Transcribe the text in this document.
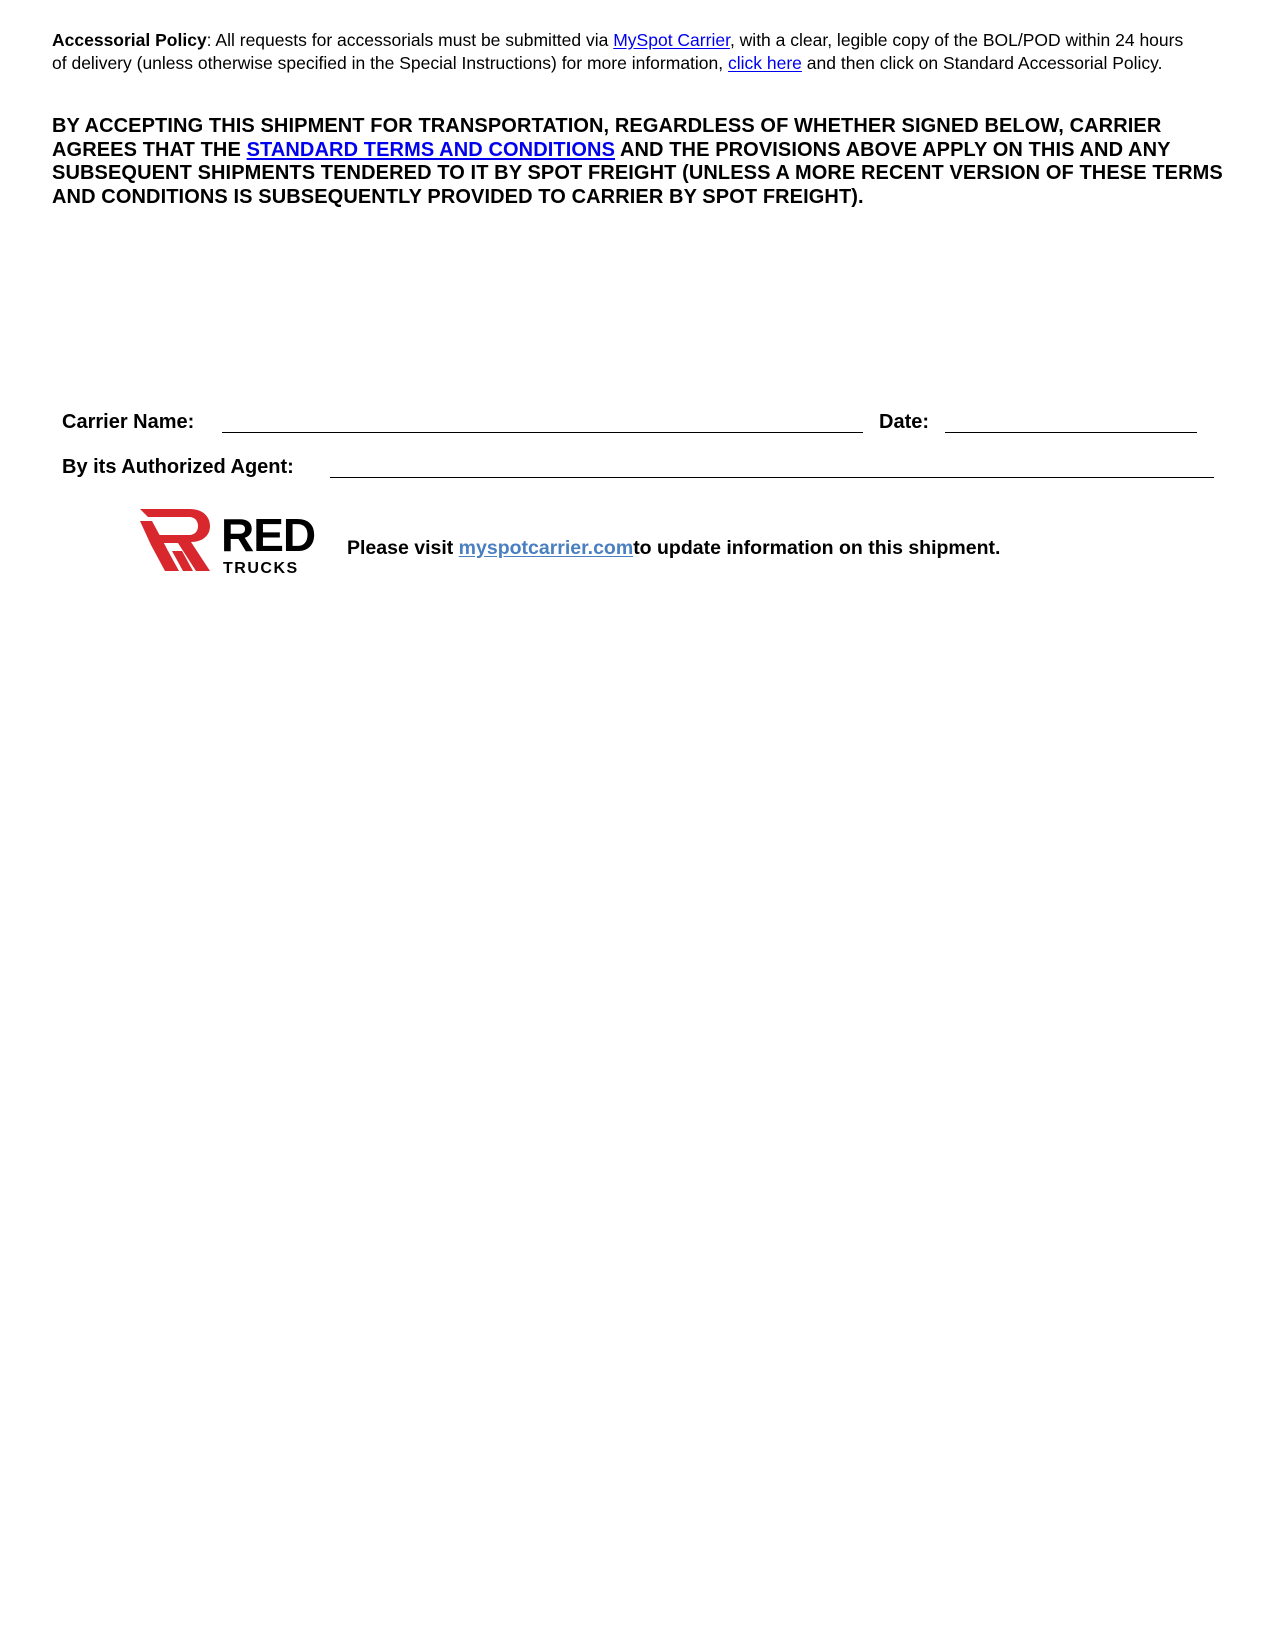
Accessorial Policy: All requests for accessorials must be submitted via MySpot Carrier, with a clear, legible copy of the BOL/POD within 24 hours of delivery (unless otherwise specified in the Special Instructions) for more information, click here and then click on Standard Accessorial Policy.

BY ACCEPTING THIS SHIPMENT FOR TRANSPORTATION, REGARDLESS OF WHETHER SIGNED BELOW, CARRIER AGREES THAT THE STANDARD TERMS AND CONDITIONS AND THE PROVISIONS ABOVE APPLY ON THIS AND ANY SUBSEQUENT SHIPMENTS TENDERED TO IT BY SPOT FREIGHT (UNLESS A MORE RECENT VERSION OF THESE TERMS AND CONDITIONS IS SUBSEQUENTLY PROVIDED TO CARRIER BY SPOT FREIGHT).

Carrier Name:	Date:
By its Authorized Agent:
RED
TRUCKS
Please visit myspotcarrier.comto update information on this shipment.
